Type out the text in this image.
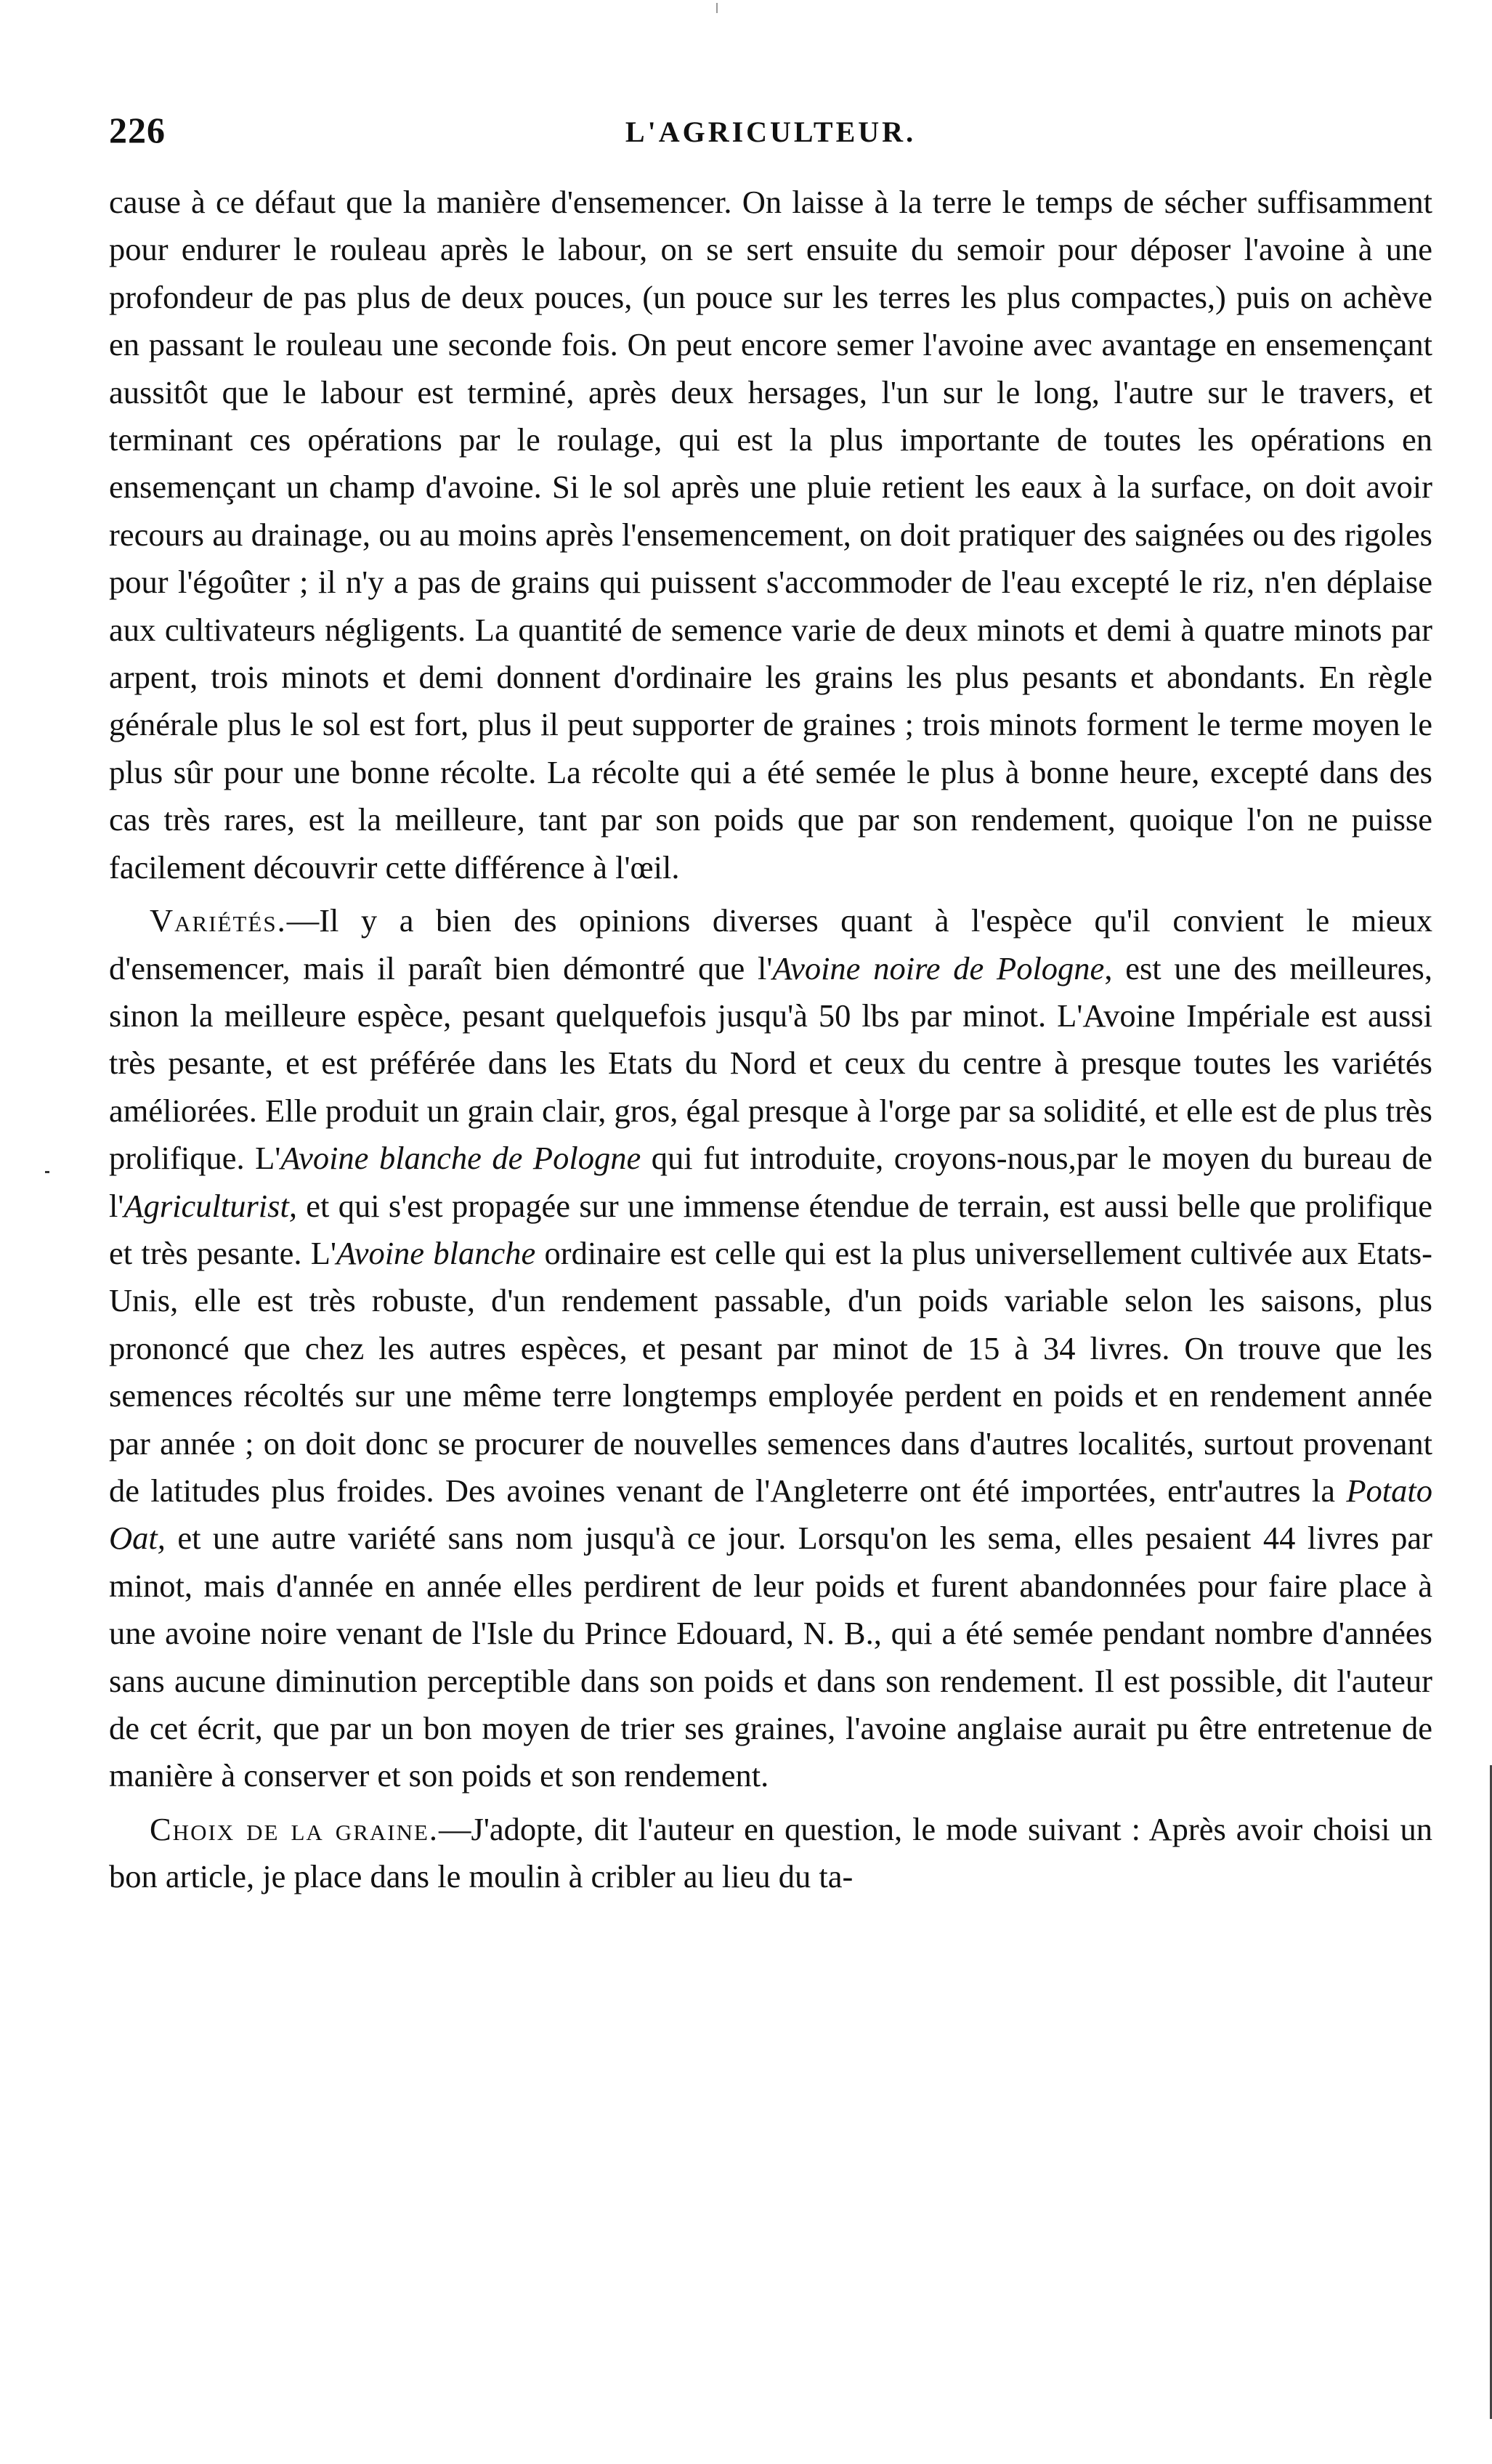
226	L'AGRICULTEUR.

cause à ce défaut que la manière d'ensemencer. On laisse à la terre le temps de sécher suffisamment pour endurer le rouleau après le labour, on se sert ensuite du semoir pour déposer l'avoine à une profondeur de pas plus de deux pouces, (un pouce sur les terres les plus compactes,) puis on achève en passant le rouleau une seconde fois. On peut encore semer l'avoine avec avantage en ensemençant aussitôt que le labour est terminé, après deux hersages, l'un sur le long, l'autre sur le travers, et terminant ces opérations par le roulage, qui est la plus importante de toutes les opérations en ensemençant un champ d'avoine. Si le sol après une pluie retient les eaux à la surface, on doit avoir recours au drainage, ou au moins après l'ensemencement, on doit pratiquer des saignées ou des rigoles pour l'égoûter ; il n'y a pas de grains qui puissent s'accommoder de l'eau excepté le riz, n'en déplaise aux cultivateurs négligents. La quantité de semence varie de deux minots et demi à quatre minots par arpent, trois minots et demi donnent d'ordinaire les grains les plus pesants et abondants. En règle générale plus le sol est fort, plus il peut supporter de graines ; trois minots forment le terme moyen le plus sûr pour une bonne récolte. La récolte qui a été semée le plus à bonne heure, excepté dans des cas très rares, est la meilleure, tant par son poids que par son rendement, quoique l'on ne puisse facilement découvrir cette différence à l'œil.

Variétés.—Il y a bien des opinions diverses quant à l'espèce qu'il convient le mieux d'ensemencer, mais il paraît bien démontré que l'Avoine noire de Pologne, est une des meilleures, sinon la meilleure espèce, pesant quelquefois jusqu'à 50 lbs par minot. L'Avoine Impériale est aussi très pesante, et est préférée dans les Etats du Nord et ceux du centre à presque toutes les variétés améliorées. Elle produit un grain clair, gros, égal presque à l'orge par sa solidité, et elle est de plus très prolifique. L'Avoine blanche de Pologne qui fut introduite, croyons-nous,par le moyen du bureau de l'Agriculturist, et qui s'est propagée sur une immense étendue de terrain, est aussi belle que prolifique et très pesante. L'Avoine blanche ordinaire est celle qui est la plus universellement cultivée aux Etats-Unis, elle est très robuste, d'un rendement passable, d'un poids variable selon les saisons, plus prononcé que chez les autres espèces, et pesant par minot de 15 à 34 livres. On trouve que les semences récoltés sur une même terre longtemps employée perdent en poids et en rendement année par année ; on doit donc se procurer de nouvelles semences dans d'autres localités, surtout provenant de latitudes plus froides. Des avoines venant de l'Angleterre ont été importées, entr'autres la Potato Oat, et une autre variété sans nom jusqu'à ce jour. Lorsqu'on les sema, elles pesaient 44 livres par minot, mais d'année en année elles perdirent de leur poids et furent abandonnées pour faire place à une avoine noire venant de l'Isle du Prince Edouard, N. B., qui a été semée pendant nombre d'années sans aucune diminution perceptible dans son poids et dans son rendement. Il est possible, dit l'auteur de cet écrit, que par un bon moyen de trier ses graines, l'avoine anglaise aurait pu être entretenue de manière à conserver et son poids et son rendement.

Choix de la graine.—J'adopte, dit l'auteur en question, le mode suivant : Après avoir choisi un bon article, je place dans le moulin à cribler au lieu du ta-
